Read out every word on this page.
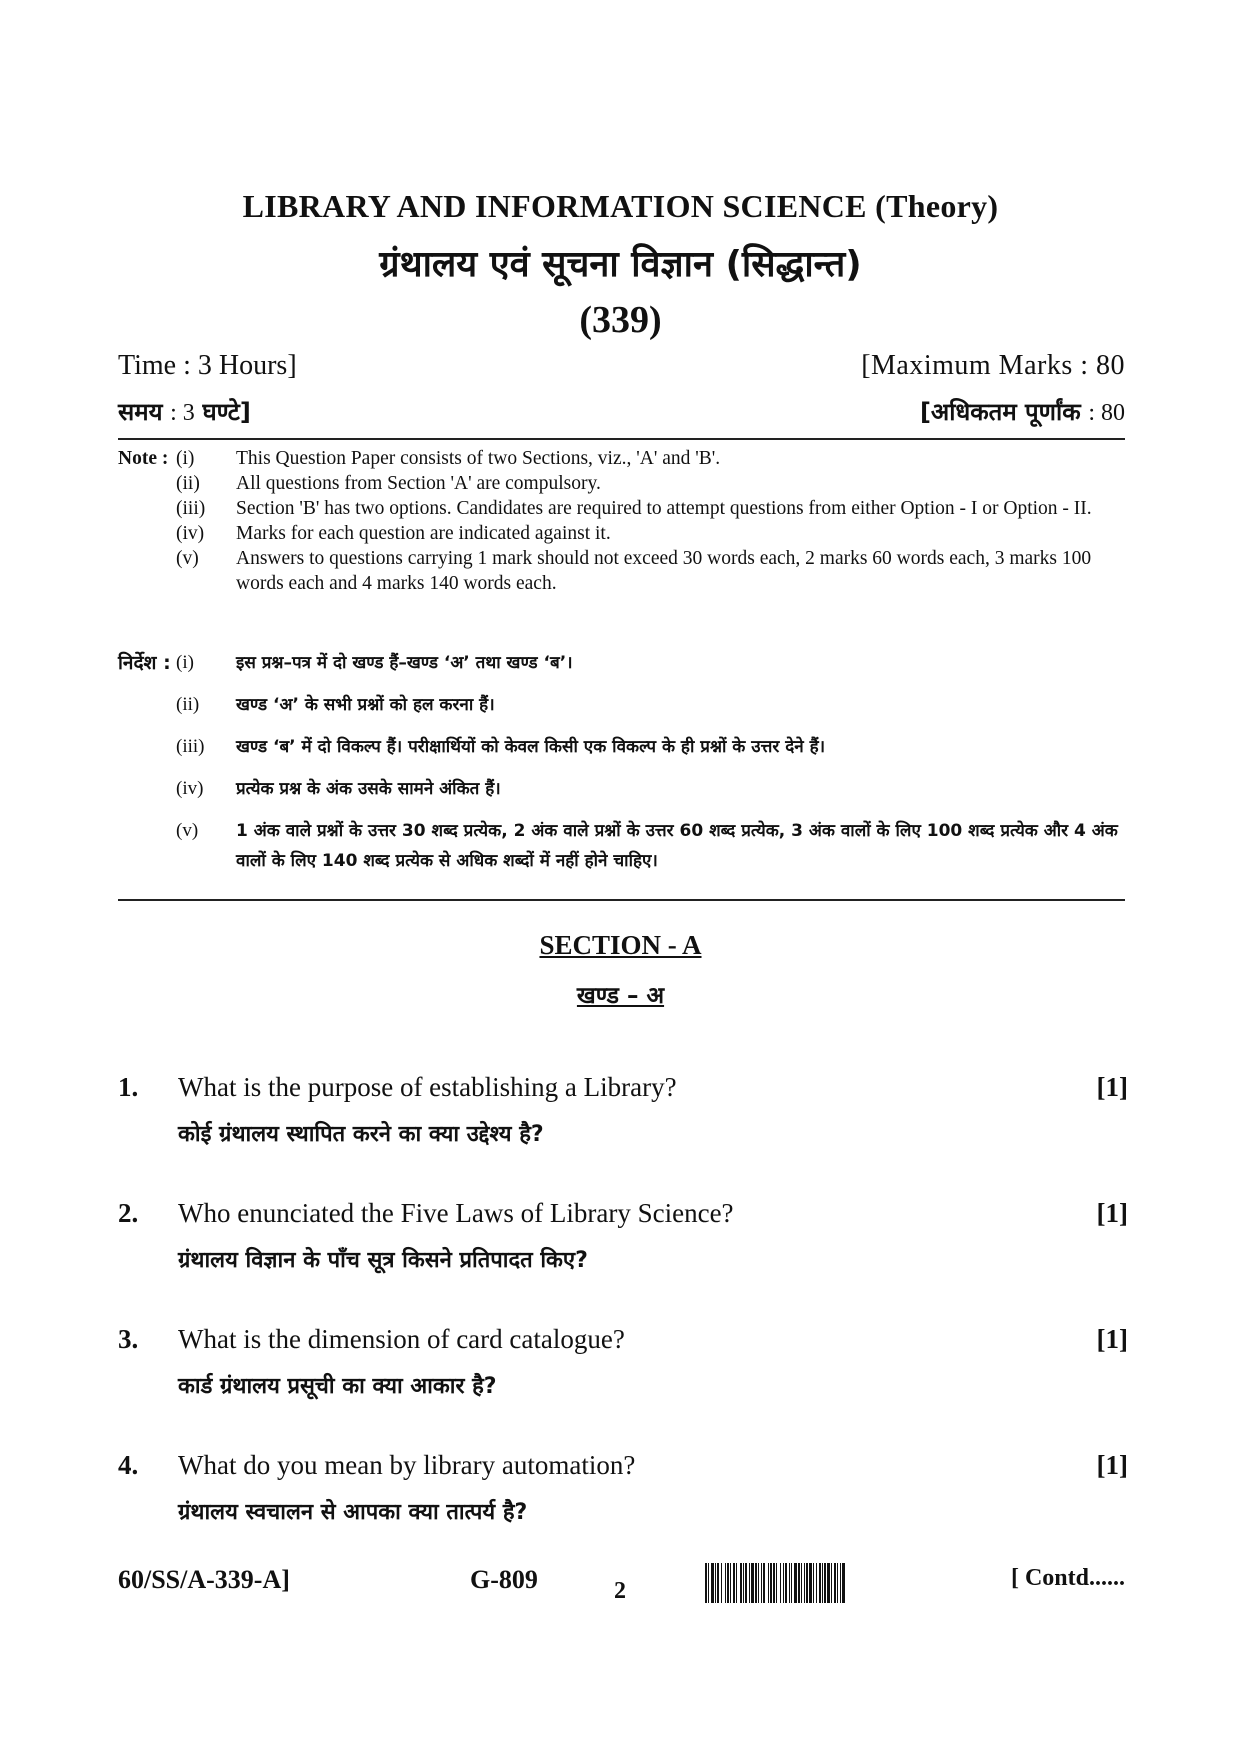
LIBRARY AND INFORMATION SCIENCE (Theory)
ग्रंथालय एवं सूचना विज्ञान (सिद्धान्त)
(339)
Time : 3 Hours]	[Maximum Marks : 80
समय : 3 घण्टे]	[अधिकतम पूर्णांक : 80
Note : (i)	This Question Paper consists of two Sections, viz., 'A' and 'B'.
(ii)	All questions from Section 'A' are compulsory.
(iii)	Section 'B' has two options. Candidates are required to attempt questions from either Option - I or Option - II.
(iv)	Marks for each question are indicated against it.
(v)	Answers to questions carrying 1 mark should not exceed 30 words each, 2 marks 60 words each, 3 marks 100 words each and 4 marks 140 words each.
निर्देश : (i)	इस प्रश्न–पत्र में दो खण्ड हैं–खण्ड ‘अ’ तथा खण्ड ‘ब’।
(ii)	खण्ड ‘अ’ के सभी प्रश्नों को हल करना हैं।
(iii)	खण्ड ‘ब’ में दो विकल्प हैं। परीक्षार्थियों को केवल किसी एक विकल्प के ही प्रश्नों के उत्तर देने हैं।
(iv)	प्रत्येक प्रश्न के अंक उसके सामने अंकित हैं।
(v)	1 अंक वाले प्रश्नों के उत्तर 30 शब्द प्रत्येक, 2 अंक वाले प्रश्नों के उत्तर 60 शब्द प्रत्येक, 3 अंक वालों के लिए 100 शब्द प्रत्येक और 4 अंक वालों के लिए 140 शब्द प्रत्येक से अधिक शब्दों में नहीं होने चाहिए।
SECTION - A
खण्ड – अ
1. What is the purpose of establishing a Library?	[1]
कोई ग्रंथालय स्थापित करने का क्या उद्देश्य है?
2. Who enunciated the Five Laws of Library Science?	[1]
ग्रंथालय विज्ञान के पाँच सूत्र किसने प्रतिपादत किए?
3. What is the dimension of card catalogue?	[1]
कार्ड ग्रंथालय प्रसूची का क्या आकार है?
4. What do you mean by library automation?	[1]
ग्रंथालय स्वचालन से आपका क्या तात्पर्य है?
60/SS/A-339-A]	G-809	2	[ Contd......
